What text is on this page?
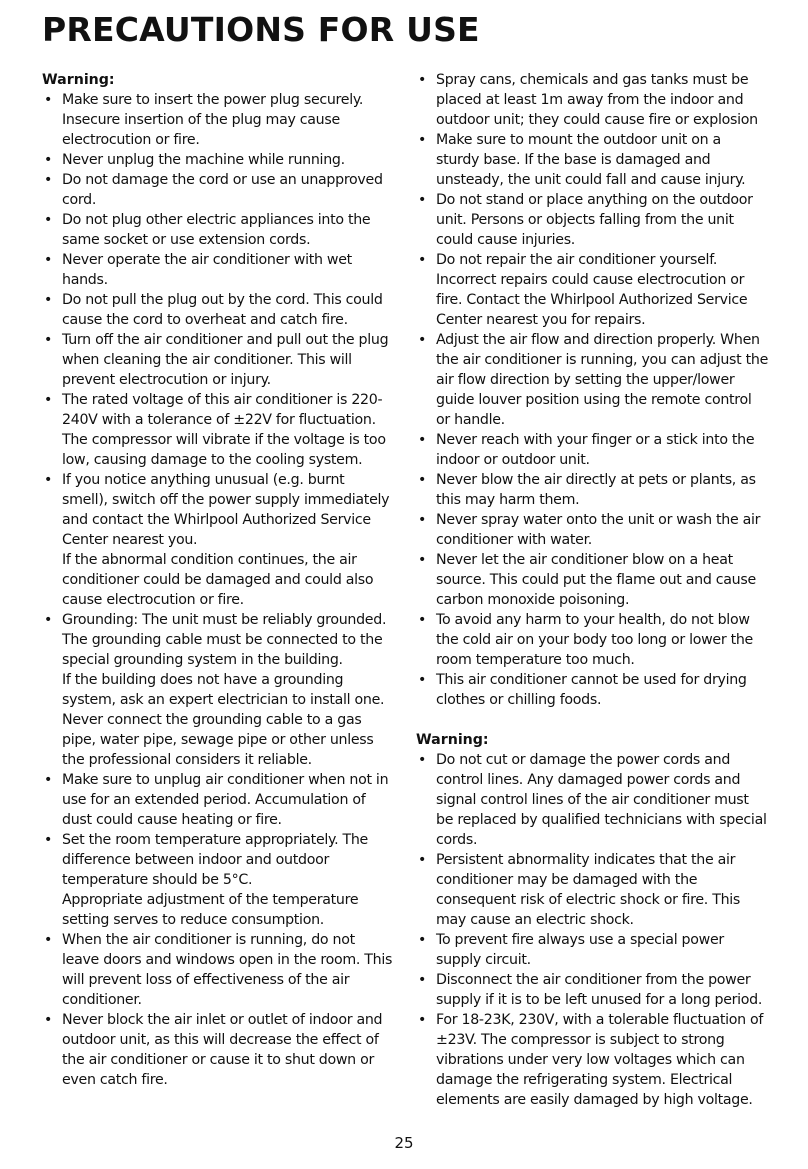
PRECAUTIONS FOR USE
Warning:
• Make sure to insert the power plug securely. Insecure insertion of the plug may cause electrocution or fire.
• Never unplug the machine while running.
• Do not damage the cord or use an unapproved cord.
• Do not plug other electric appliances into the same socket or use extension cords.
• Never operate the air conditioner with wet hands.
• Do not pull the plug out by the cord. This could cause the cord to overheat and catch fire.
• Turn off the air conditioner and pull out the plug when cleaning the air conditioner. This will prevent electrocution or injury.
• The rated voltage of this air conditioner is 220-240V with a tolerance of ±22V for fluctuation. The compressor will vibrate if the voltage is too low, causing damage to the cooling system.
• If you notice anything unusual (e.g. burnt smell), switch off the power supply immediately and contact the Whirlpool Authorized Service Center nearest you.
If the abnormal condition continues, the air conditioner could be damaged and could also cause electrocution or fire.
• Grounding: The unit must be reliably grounded. The grounding cable must be connected to the special grounding system in the building.
If the building does not have a grounding system, ask an expert electrician to install one. Never connect the grounding cable to a gas pipe, water pipe, sewage pipe or other unless the professional considers it reliable.
• Make sure to unplug air conditioner when not in use for an extended period. Accumulation of dust could cause heating or fire.
• Set the room temperature appropriately. The difference between indoor and outdoor temperature should be 5°C.
Appropriate adjustment of the temperature setting serves to reduce consumption.
• When the air conditioner is running, do not leave doors and windows open in the room. This will prevent loss of effectiveness of the air conditioner.
• Never block the air inlet or outlet of indoor and outdoor unit, as this will decrease the effect of the air conditioner or cause it to shut down or even catch fire.
• Spray cans, chemicals and gas tanks must be placed at least 1m away from the indoor and outdoor unit; they could cause fire or explosion
• Make sure to mount the outdoor unit on a sturdy base. If the base is damaged and unsteady, the unit could fall and cause injury.
• Do not stand or place anything on the outdoor unit. Persons or objects falling from the unit could cause injuries.
• Do not repair the air conditioner yourself. Incorrect repairs could cause electrocution or fire. Contact the Whirlpool Authorized Service Center nearest you for repairs.
• Adjust the air flow and direction properly. When the air conditioner is running, you can adjust the air flow direction by setting the upper/lower guide louver position using the remote control or handle.
• Never reach with your finger or a stick into the indoor or outdoor unit.
• Never blow the air directly at pets or plants, as this may harm them.
• Never spray water onto the unit or wash the air conditioner with water.
• Never let the air conditioner blow on a heat source. This could put the flame out and cause carbon monoxide poisoning.
• To avoid any harm to your health, do not blow the cold air on your body too long or lower the room temperature too much.
• This air conditioner cannot be used for drying clothes or chilling foods.
Warning:
• Do not cut or damage the power cords and control lines. Any damaged power cords and signal control lines of the air conditioner must be replaced by qualified technicians with special cords.
• Persistent abnormality indicates that the air conditioner may be damaged with the consequent risk of electric shock or fire. This may cause an electric shock.
• To prevent fire always use a special power supply circuit.
• Disconnect the air conditioner from the power supply if it is to be left unused for a long period.
• For 18-23K, 230V, with a tolerable fluctuation of ±23V. The compressor is subject to strong vibrations under very low voltages which can damage the refrigerating system. Electrical elements are easily damaged by high voltage.
25
